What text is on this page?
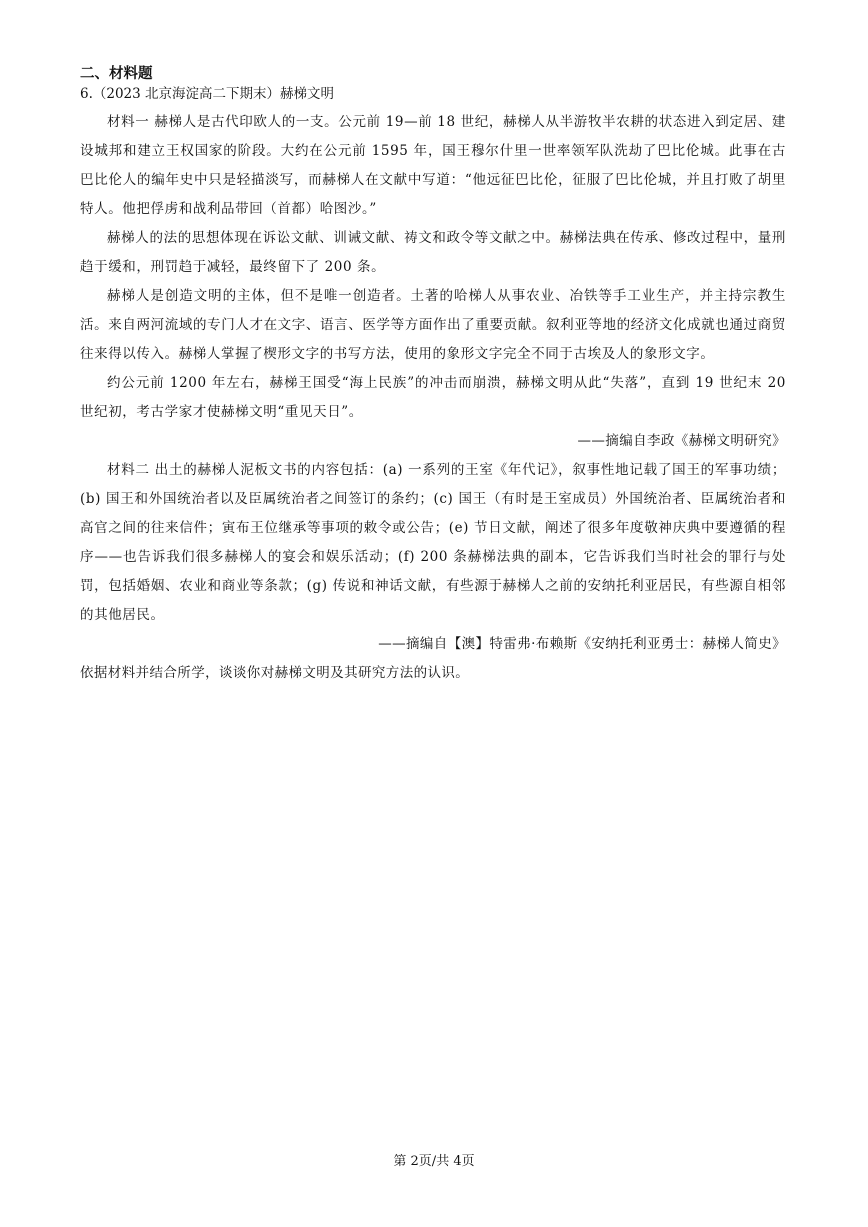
二、材料题

6.（2023 北京海淀高二下期末）赫梯文明

材料一 赫梯人是古代印欧人的一支。公元前 19—前 18 世纪，赫梯人从半游牧半农耕的状态进入到定居、建设城邦和建立王权国家的阶段。大约在公元前 1595 年，国王穆尔什里一世率领军队洗劫了巴比伦城。此事在古巴比伦人的编年史中只是轻描淡写，而赫梯人在文献中写道：“他远征巴比伦，征服了巴比伦城，并且打败了胡里特人。他把俘虏和战利品带回（首都）哈图沙。”

赫梯人的法的思想体现在诉讼文献、训诫文献、祷文和政令等文献之中。赫梯法典在传承、修改过程中，量刑趋于缓和，刑罚趋于减轻，最终留下了 200 条。

赫梯人是创造文明的主体，但不是唯一创造者。土著的哈梯人从事农业、冶铁等手工业生产，并主持宗教生活。来自两河流域的专门人才在文字、语言、医学等方面作出了重要贡献。叙利亚等地的经济文化成就也通过商贸往来得以传入。赫梯人掌握了楔形文字的书写方法，使用的象形文字完全不同于古埃及人的象形文字。

约公元前 1200 年左右，赫梯王国受“海上民族”的冲击而崩溃，赫梯文明从此“失落”，直到 19 世纪末 20 世纪初，考古学家才使赫梯文明“重见天日”。

——摘编自李政《赫梯文明研究》

材料二 出土的赫梯人泥板文书的内容包括：(a) 一系列的王室《年代记》，叙事性地记载了国王的军事功绩；(b) 国王和外国统治者以及臣属统治者之间签订的条约；(c) 国王（有时是王室成员）外国统治者、臣属统治者和高官之间的往来信件；寅布王位继承等事项的敕令或公告；(e) 节日文献，阐述了很多年度敬神庆典中要遵循的程序——也告诉我们很多赫梯人的宴会和娱乐活动；(f) 200 条赫梯法典的副本，它告诉我们当时社会的罪行与处罚，包括婚姻、农业和商业等条款；(g) 传说和神话文献，有些源于赫梯人之前的安纳托利亚居民，有些源自相邻的其他居民。

——摘编自【澳】特雷弗·布赖斯《安纳托利亚勇士：赫梯人简史》

依据材料并结合所学，谈谈你对赫梯文明及其研究方法的认识。

第 2页/共 4页
